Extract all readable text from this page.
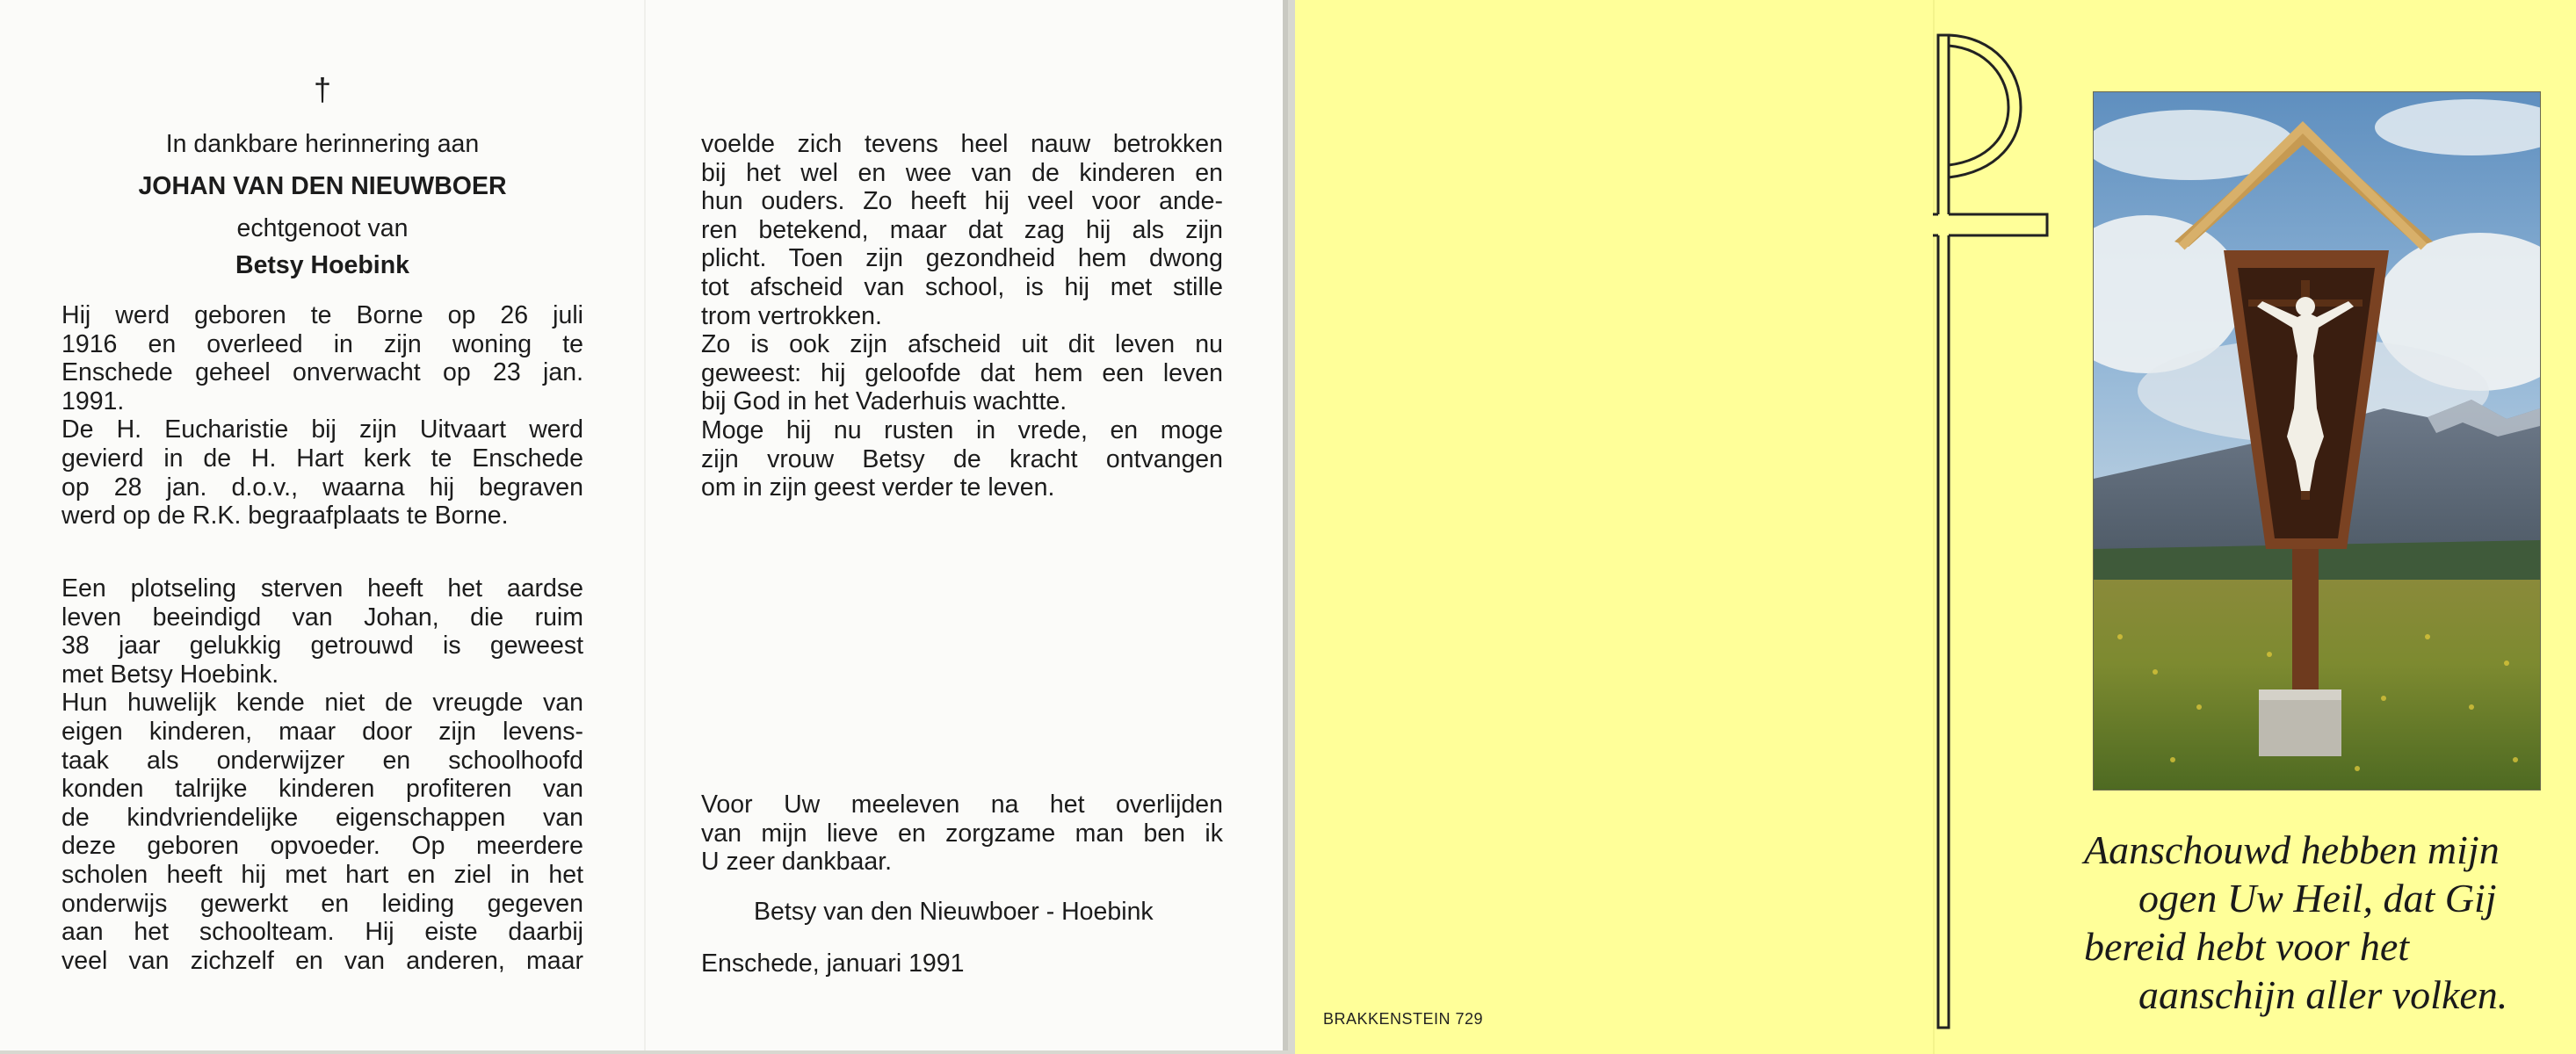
†
In dankbare herinnering aan
JOHAN VAN DEN NIEUWBOER
echtgenoot van
Betsy Hoebink
Hij werd geboren te Borne op 26 juli
1916 en overleed in zijn woning te
Enschede geheel onverwacht op 23 jan.
1991.
De H. Eucharistie bij zijn Uitvaart werd
gevierd in de H. Hart kerk te Enschede
op 28 jan. d.o.v., waarna hij begraven
werd op de R.K. begraafplaats te Borne.
Een plotseling sterven heeft het aardse
leven beeindigd van Johan, die ruim
38 jaar gelukkig getrouwd is geweest
met Betsy Hoebink.
Hun huwelijk kende niet de vreugde van
eigen kinderen, maar door zijn levens-
taak als onderwijzer en schoolhoofd
konden talrijke kinderen profiteren van
de kindvriendelijke eigenschappen van
deze geboren opvoeder. Op meerdere
scholen heeft hij met hart en ziel in het
onderwijs gewerkt en leiding gegeven
aan het schoolteam. Hij eiste daarbij
veel van zichzelf en van anderen, maar
voelde zich tevens heel nauw betrokken
bij het wel en wee van de kinderen en
hun ouders. Zo heeft hij veel voor ande-
ren betekend, maar dat zag hij als zijn
plicht. Toen zijn gezondheid hem dwong
tot afscheid van school, is hij met stille
trom vertrokken.
Zo is ook zijn afscheid uit dit leven nu
geweest: hij geloofde dat hem een leven
bij God in het Vaderhuis wachtte.
Moge hij nu rusten in vrede, en moge
zijn vrouw Betsy de kracht ontvangen
om in zijn geest verder te leven.
Voor Uw meeleven na het overlijden
van mijn lieve en zorgzame man ben ik
U zeer dankbaar.
Betsy van den Nieuwboer - Hoebink
Enschede, januari 1991
Aanschouwd hebben mijn
ogen Uw Heil, dat Gij
bereid hebt voor het
aanschijn aller volken.
BRAKKENSTEIN 729
